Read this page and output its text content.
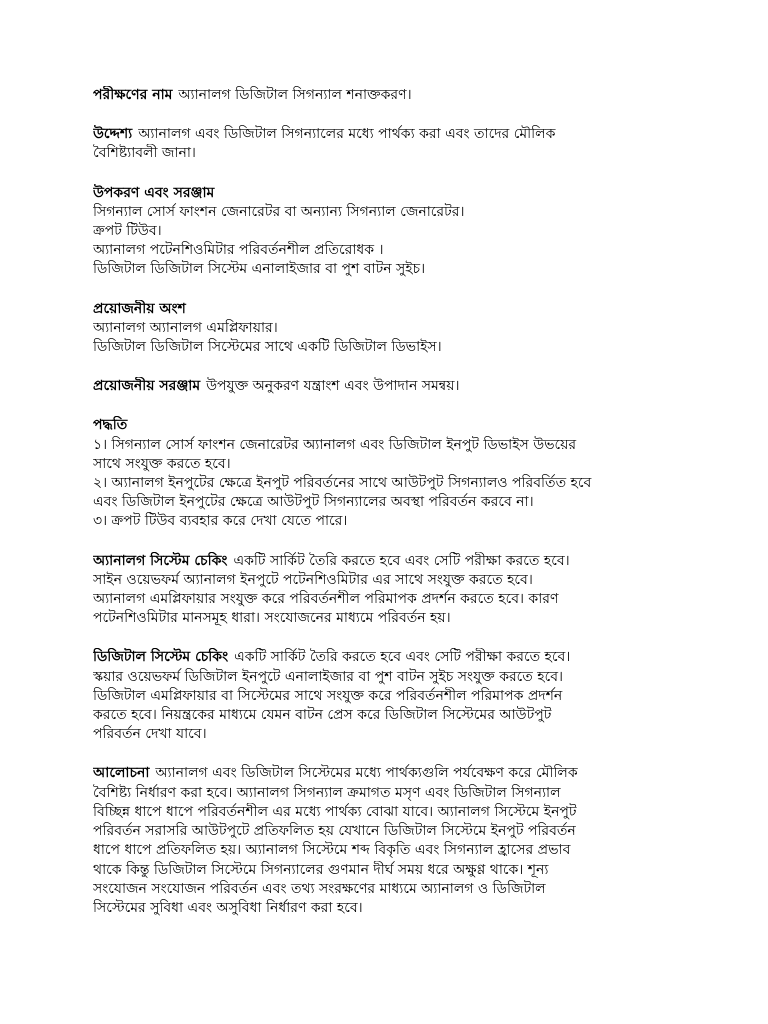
পরীক্ষণের নাম অ্যানালগ ডিজিটাল সিগন্যাল শনাক্তকরণ।
উদ্দেশ্য অ্যানালগ এবং ডিজিটাল সিগন্যালের মধ্যে পার্থক্য করা এবং তাদের মৌলিক
বৈশিষ্ট্যাবলী জানা।
উপকরণ এবং সরঞ্জাম
সিগন্যাল সোর্স ফাংশন জেনারেটর বা অন্যান্য সিগন্যাল জেনারেটর।
ক্রপট টিউব।
অ্যানালগ পটেনশিওমিটার পরিবর্তনশীল প্রতিরোধক ।
ডিজিটাল ডিজিটাল সিস্টেম এনালাইজার বা পুশ বাটন সুইচ।
প্রয়োজনীয় অংশ
অ্যানালগ অ্যানালগ এমপ্লিফায়ার।
ডিজিটাল ডিজিটাল সিস্টেমের সাথে একটি ডিজিটাল ডিভাইস।
প্রয়োজনীয় সরঞ্জাম উপযুক্ত অনুকরণ যন্ত্রাংশ এবং উপাদান সমন্বয়।
পদ্ধতি
১। সিগন্যাল সোর্স ফাংশন জেনারেটর অ্যানালগ এবং ডিজিটাল ইনপুট ডিভাইস উভয়ের
সাথে সংযুক্ত করতে হবে।
২। অ্যানালগ ইনপুটের ক্ষেত্রে ইনপুট পরিবর্তনের সাথে আউটপুট সিগন্যালও পরিবর্তিত হবে
এবং ডিজিটাল ইনপুটের ক্ষেত্রে আউটপুট সিগন্যালের অবস্থা পরিবর্তন করবে না।
৩। ক্রপট টিউব ব্যবহার করে দেখা যেতে পারে।
অ্যানালগ সিস্টেম চেকিং একটি সার্কিট তৈরি করতে হবে এবং সেটি পরীক্ষা করতে হবে।
সাইন ওয়েভফর্ম অ্যানালগ ইনপুটে পটেনশিওমিটার এর সাথে সংযুক্ত করতে হবে।
অ্যানালগ এমপ্লিফায়ার সংযুক্ত করে পরিবর্তনশীল পরিমাপক প্রদর্শন করতে হবে। কারণ
পটেনশিওমিটার মানসমূহ ধারা। সংযোজনের মাধ্যমে পরিবর্তন হয়।
ডিজিটাল সিস্টেম চেকিং একটি সার্কিট তৈরি করতে হবে এবং সেটি পরীক্ষা করতে হবে।
স্কয়ার ওয়েভফর্ম ডিজিটাল ইনপুটে এনালাইজার বা পুশ বাটন সুইচ সংযুক্ত করতে হবে।
ডিজিটাল এমপ্লিফায়ার বা সিস্টেমের সাথে সংযুক্ত করে পরিবর্তনশীল পরিমাপক প্রদর্শন
করতে হবে। নিয়ন্ত্রকের মাধ্যমে যেমন বাটন প্রেস করে ডিজিটাল সিস্টেমের আউটপুট
পরিবর্তন দেখা যাবে।
আলোচনা অ্যানালগ এবং ডিজিটাল সিস্টেমের মধ্যে পার্থক্যগুলি পর্যবেক্ষণ করে মৌলিক
বৈশিষ্ট্য নির্ধারণ করা হবে। অ্যানালগ সিগন্যাল ক্রমাগত মসৃণ এবং ডিজিটাল সিগন্যাল
বিচ্ছিন্ন ধাপে ধাপে পরিবর্তনশীল এর মধ্যে পার্থক্য বোঝা যাবে। অ্যানালগ সিস্টেমে ইনপুট
পরিবর্তন সরাসরি আউটপুটে প্রতিফলিত হয় যেখানে ডিজিটাল সিস্টেমে ইনপুট পরিবর্তন
ধাপে ধাপে প্রতিফলিত হয়। অ্যানালগ সিস্টেমে শব্দ বিকৃতি এবং সিগন্যাল হ্রাসের প্রভাব
থাকে কিন্তু ডিজিটাল সিস্টেমে সিগন্যালের গুণমান দীর্ঘ সময় ধরে অক্ষুণ্ণ থাকে। শূন্য
সংযোজন সংযোজন পরিবর্তন এবং তথ্য সংরক্ষণের মাধ্যমে অ্যানালগ ও ডিজিটাল
সিস্টেমের সুবিধা এবং অসুবিধা নির্ধারণ করা হবে।
